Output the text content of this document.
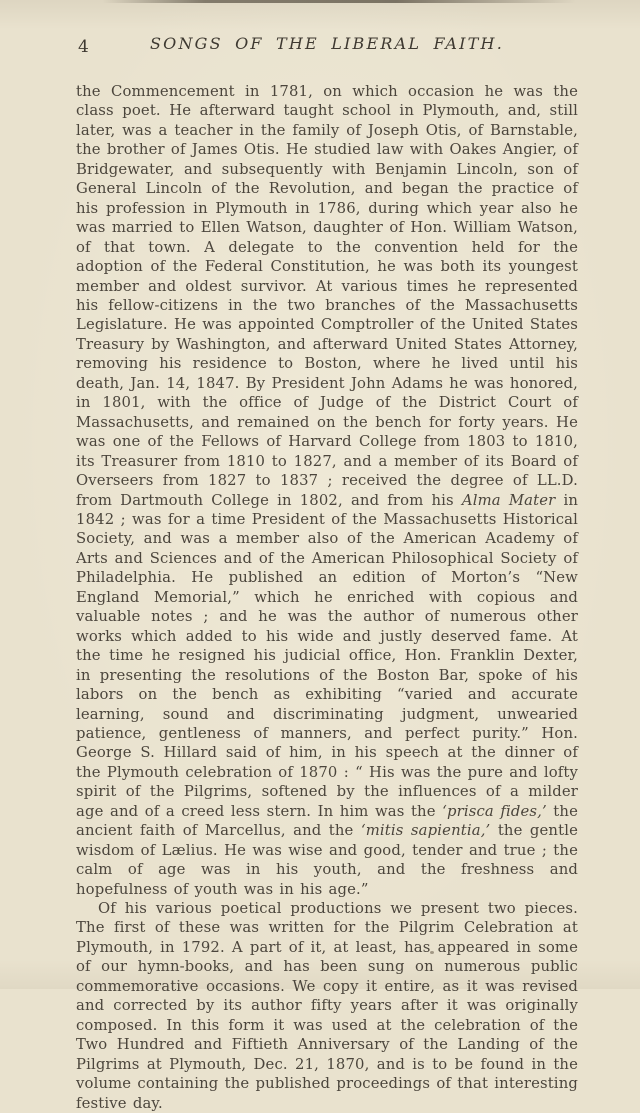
4	SONGS OF THE LIBERAL FAITH.

the Commencement in 1781, on which occasion he was the class poet. He afterward taught school in Plymouth, and, still later, was a teacher in the family of Joseph Otis, of Barnstable, the brother of James Otis. He studied law with Oakes Angier, of Bridgewater, and subsequently with Benjamin Lincoln, son of General Lincoln of the Revolution, and began the practice of his profession in Plymouth in 1786, during which year also he was married to Ellen Watson, daughter of Hon. William Watson, of that town. A delegate to the convention held for the adoption of the Federal Constitution, he was both its youngest member and oldest survivor. At various times he represented his fellow-citizens in the two branches of the Massachusetts Legislature. He was appointed Comptroller of the United States Treasury by Washington, and afterward United States Attorney, removing his residence to Boston, where he lived until his death, Jan. 14, 1847. By President John Adams he was honored, in 1801, with the office of Judge of the District Court of Massachusetts, and remained on the bench for forty years. He was one of the Fellows of Harvard College from 1803 to 1810, its Treasurer from 1810 to 1827, and a member of its Board of Overseers from 1827 to 1837 ; received the degree of LL.D. from Dartmouth College in 1802, and from his Alma Mater in 1842 ; was for a time President of the Massachusetts Historical Society, and was a member also of the American Academy of Arts and Sciences and of the American Philosophical Society of Philadelphia. He published an edition of Morton’s “New England Memorial,” which he enriched with copious and valuable notes ; and he was the author of numerous other works which added to his wide and justly deserved fame. At the time he resigned his judicial office, Hon. Franklin Dexter, in presenting the resolutions of the Boston Bar, spoke of his labors on the bench as exhibiting “varied and accurate learning, sound and discriminating judgment, unwearied patience, gentleness of manners, and perfect purity.” Hon. George S. Hillard said of him, in his speech at the dinner of the Plymouth celebration of 1870 : “ His was the pure and lofty spirit of the Pilgrims, softened by the influences of a milder age and of a creed less stern. In him was the ‘prisca fides,’ the ancient faith of Marcellus, and the ‘mitis sapientia,’ the gentle wisdom of Lælius. He was wise and good, tender and true ; the calm of age was in his youth, and the freshness and hopefulness of youth was in his age.”

Of his various poetical productions we present two pieces. The first of these was written for the Pilgrim Celebration at Plymouth, in 1792. A part of it, at least, has appeared in some of our hymn-books, and has been sung on numerous public commemorative occasions. We copy it entire, as it was revised and corrected by its author fifty years after it was originally composed. In this form it was used at the celebration of the Two Hundred and Fiftieth Anniversary of the Landing of the Pilgrims at Plymouth, Dec. 21, 1870, and is to be found in the volume containing the published proceedings of that interesting festive day.
